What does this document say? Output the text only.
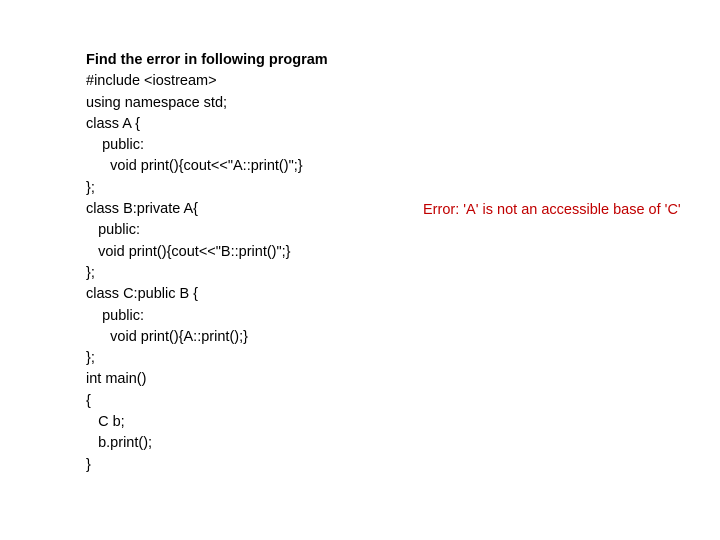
Find the error in following program
#include <iostream>
using namespace std;
class A {
public:
void print(){cout<<"A::print()";}
};
class B:private A{
public:
void print(){cout<<"B::print()";}
};
class C:public B {
public:
void print(){A::print();}
};
int main()
{
C b;
b.print();
}
Error: 'A' is not an accessible base of 'C'
